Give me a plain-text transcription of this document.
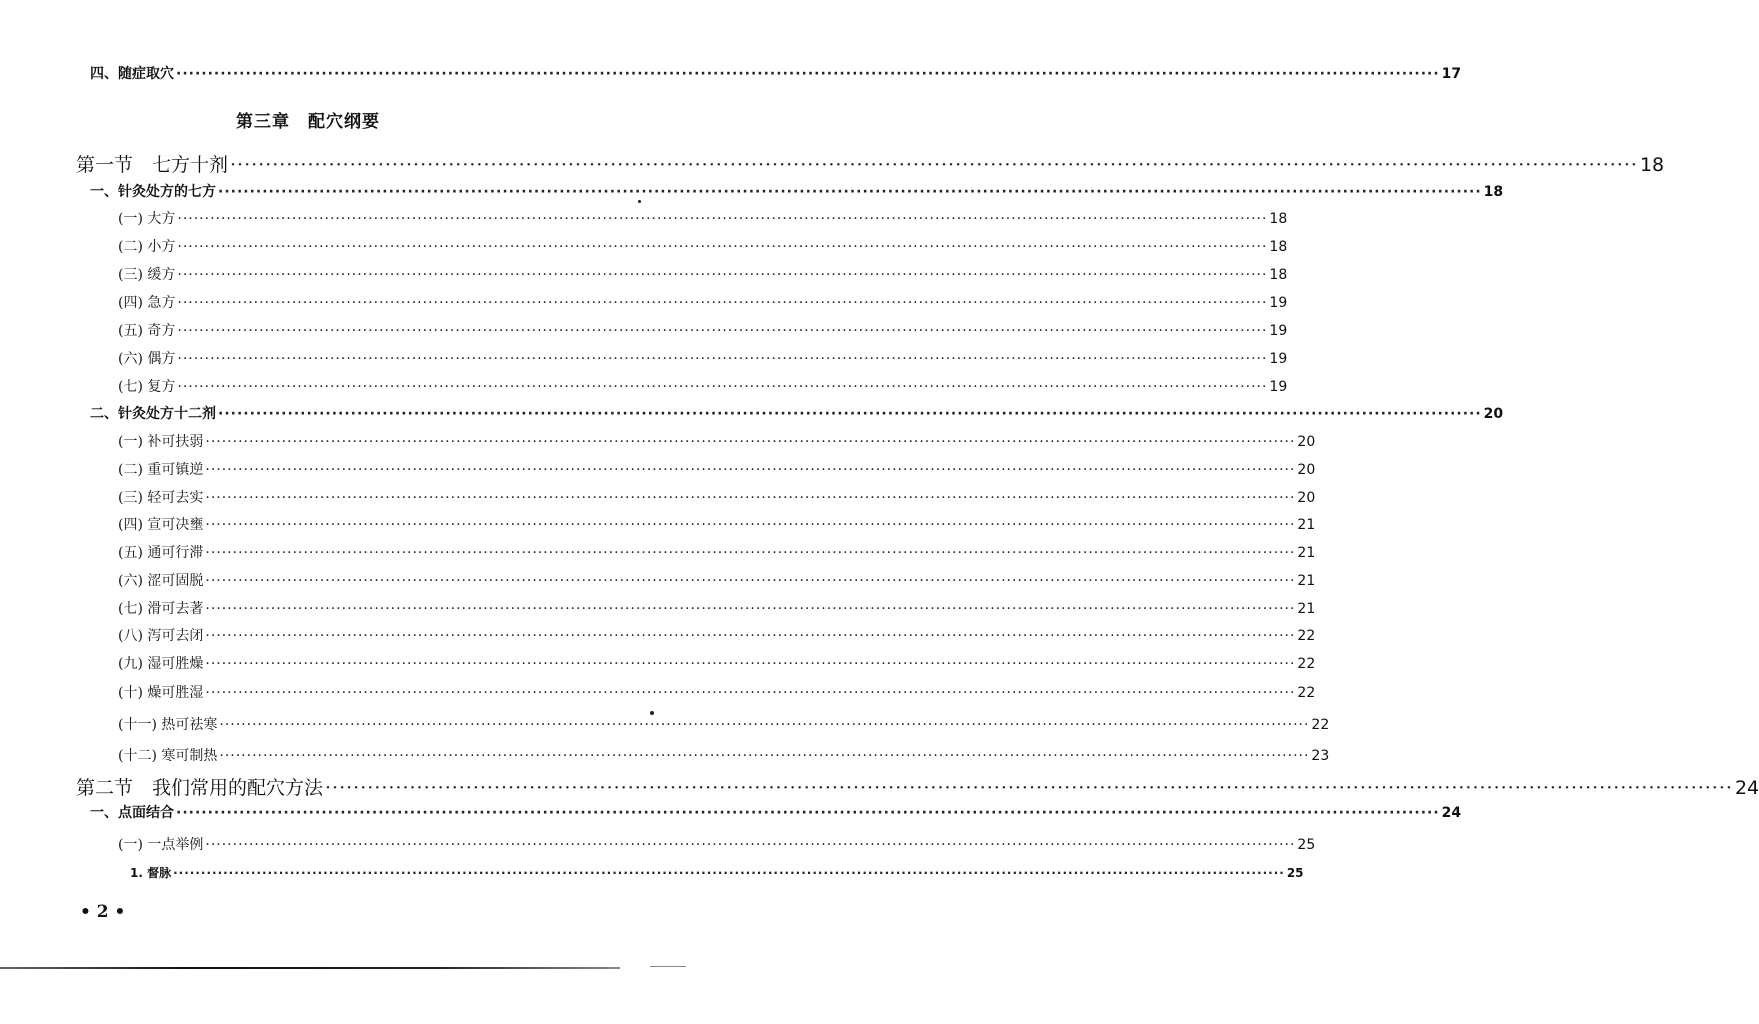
第三章　配穴纲要
四、随症取穴 ········································································································································································································ 17
第一节　七方十剂 ········································································································································································································ 18
一、针灸处方的七方 ········································································································································································································ 18
(一) 大方 ········································································································································································································ 18
(二) 小方 ········································································································································································································ 18
(三) 缓方 ········································································································································································································ 18
(四) 急方 ········································································································································································································ 19
(五) 奇方 ········································································································································································································ 19
(六) 偶方 ········································································································································································································ 19
(七) 复方 ········································································································································································································ 19
二、针灸处方十二剂 ········································································································································································································ 20
(一) 补可扶弱 ········································································································································································································ 20
(二) 重可镇逆 ········································································································································································································ 20
(三) 轻可去实 ········································································································································································································ 20
(四) 宣可决壅 ········································································································································································································ 21
(五) 通可行滞 ········································································································································································································ 21
(六) 涩可固脱 ········································································································································································································ 21
(七) 滑可去著 ········································································································································································································ 21
(八) 泻可去闭 ········································································································································································································ 22
(九) 湿可胜燥 ········································································································································································································ 22
(十) 燥可胜湿 ········································································································································································································ 22
(十一) 热可祛寒 ········································································································································································································ 22
(十二) 寒可制热 ········································································································································································································ 23
第二节　我们常用的配穴方法 ········································································································································································································ 24
一、点面结合 ········································································································································································································ 24
(一) 一点举例 ········································································································································································································ 25
1. 督脉 ········································································································································································································ 25
• 2 •
